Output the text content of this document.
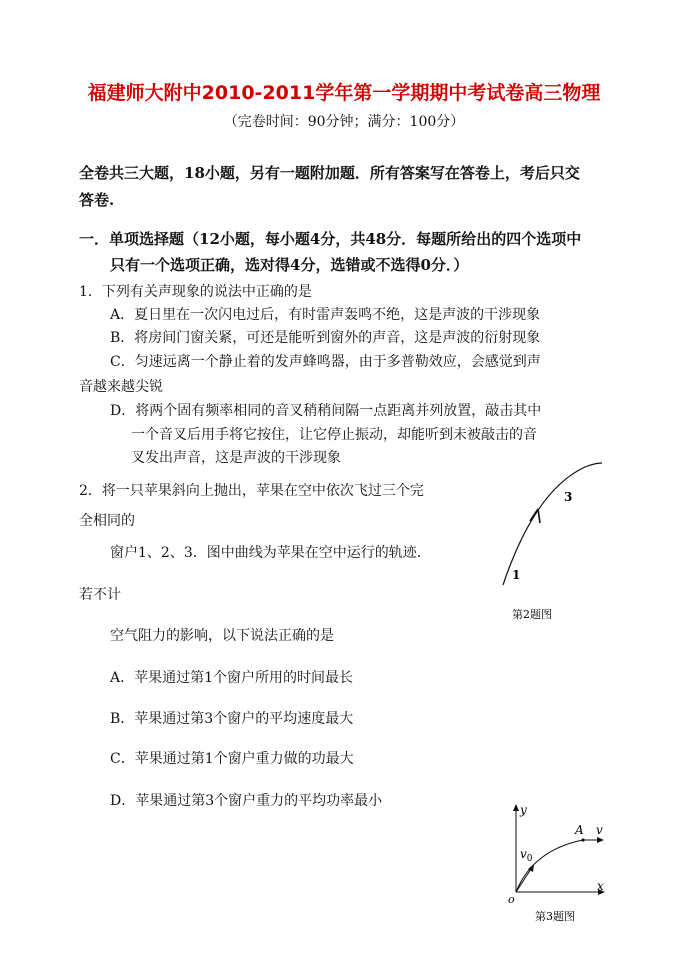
福建师大附中2010-2011学年第一学期期中考试卷高三物理
（完卷时间：90分钟；满分：100分）
全卷共三大题，18小题，另有一题附加题．所有答案写在答卷上，考后只交
答卷.
一．单项选择题（12小题，每小题4分，共48分．每题所给出的四个选项中
只有一个选项正确，选对得4分，选错或不选得0分．）
1．下列有关声现象的说法中正确的是
A．夏日里在一次闪电过后，有时雷声轰鸣不绝，这是声波的干涉现象
B．将房间门窗关紧，可还是能听到窗外的声音，这是声波的衍射现象
C．匀速远离一个静止着的发声蜂鸣器，由于多普勒效应，会感觉到声
音越来越尖锐
D．将两个固有频率相同的音叉稍稍间隔一点距离并列放置，敲击其中
一个音叉后用手将它按住，让它停止振动，却能听到未被敲击的音
叉发出声音，这是声波的干涉现象
2．将一只苹果斜向上抛出，苹果在空中依次飞过三个完
全相同的
窗户1、2、3．图中曲线为苹果在空中运行的轨迹.
若不计
空气阻力的影响，以下说法正确的是
A．苹果通过第1个窗户所用的时间最长
B．苹果通过第3个窗户的平均速度最大
C．苹果通过第1个窗户重力做的功最大
D．苹果通过第3个窗户重力的平均功率最小
1
3
第2题图
y
x
o
A v
$v_0$
第3题图
